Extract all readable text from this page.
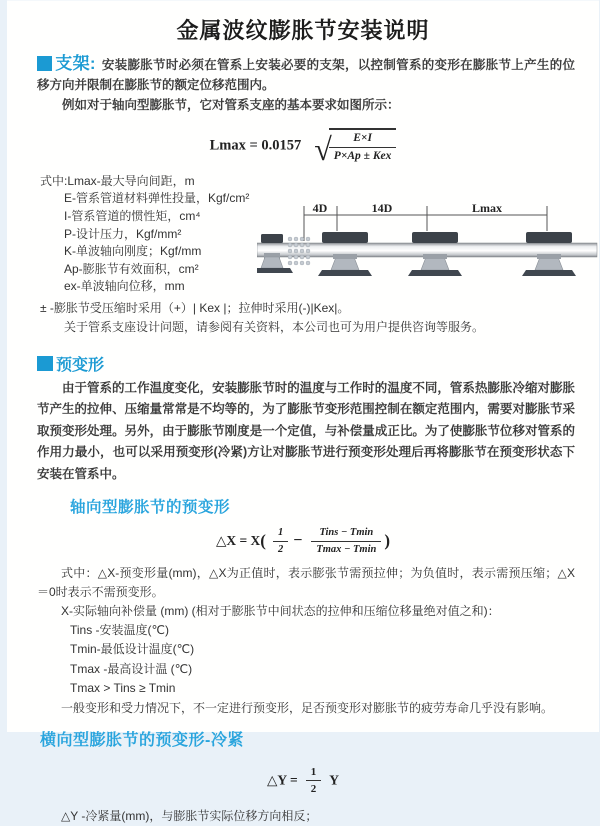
金属波纹膨胀节安装说明

支架: 安装膨胀节时必须在管系上安装必要的支架，以控制管系的变形在膨胀节上产生的位移方向并限制在膨胀节的额定位移范围内。

例如对于轴向型膨胀节，它对管系支座的基本要求如图所示：

Lmax = 0.0157 √
$\frac{E\times I}{\text{P×Ap ± Kex}}$
式中:Lmax-最大导向间距，m
E-管系管道材料弹性投量，Kgf/cm²
I-管系管道的惯性矩，cm⁴
P-设计压力，Kgf/mm²
K-单波轴向刚度；Kgf/mm
Ap-膨胀节有效面积，cm²
ex-单波轴向位移，mm
4D	14D	Lmax

± -膨胀节受压缩时采用（+）| Kex |；拉伸时采用(-)|Kex|。

关于管系支座设计问题，请参阅有关资料，本公司也可为用户提供咨询等服务。

预变形

由于管系的工作温度变化，安装膨胀节时的温度与工作时的温度不同，管系热膨胀冷缩对膨胀节产生的拉伸、压缩量常常是不均等的，为了膨胀节变形范围控制在额定范围内，需要对膨胀节采取预变形处理。另外，由于膨胀节刚度是一个定值，与补偿量成正比。为了使膨胀节位移对管系的作用力最小，也可以采用预变形(冷紧)方让对膨胀节进行预变形处理后再将膨胀节在预变形状态下安装在管系中。

轴向型膨胀节的预变形
△X = $X( \frac{1}{2} - \frac{\text{Tins − Tmin}}{Tmax - Tmin}$ )

式中：△X-预变形量(mm)，△X为正值时，表示膨张节需预拉伸；为负值时，表示需预压缩；△X＝0时表示不需预变形。

X-实际轴向补偿量 (mm) (相对于膨胀节中间状态的拉伸和压缩位移量绝对值之和)：

Tins -安装温度(℃)
Tmin-最低设计温度(℃)
Tmax -最高设计温 (℃)
Tmax > Tins ≥ Tmin

一般变形和受力情况下，不一定进行预变形，足否预变形对膨胀节的疲劳寿命几乎没有影响。

横向型膨胀节的预变形-冷紧
△Y = $\frac{1}{2}$ Y

△Y -冷紧量(mm)，与膨胀节实际位移方向相反；
